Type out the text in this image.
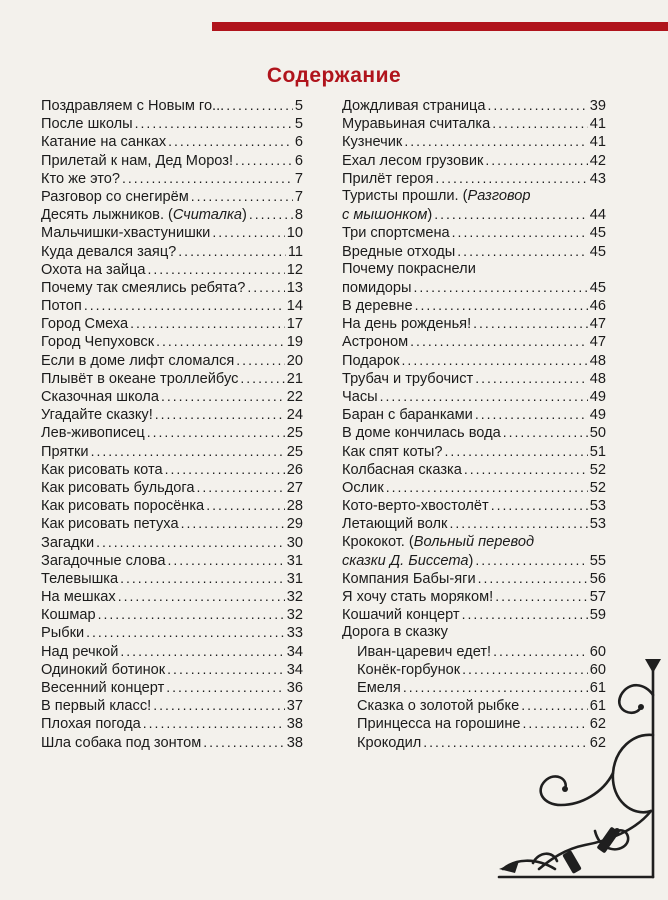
Содержание
Поздравляем с Новым го... .....	5
После школы .....	5
Катание на санках .....	6
Прилетай к нам, Дед Мороз! .....	6
Кто же это? .....	7
Разговор со снегирём .....	7
Десять лыжников. (Считалка) .....	8
Мальчишки-хвастунишки .....	10
Куда девался заяц? .....	11
Охота на зайца .....	12
Почему так смеялись ребята? .....	13
Потоп .....	14
Город Смеха .....	17
Город Чепуховск .....	19
Если в доме лифт сломался .....	20
Плывёт в океане троллейбус .....	21
Сказочная школа .....	22
Угадайте сказку! .....	24
Лев-живописец .....	25
Прятки .....	25
Как рисовать кота .....	26
Как рисовать бульдога .....	27
Как рисовать поросёнка .....	28
Как рисовать петуха .....	29
Загадки .....	30
Загадочные слова .....	31
Телевышка .....	31
На мешках .....	32
Кошмар .....	32
Рыбки .....	33
Над речкой .....	34
Одинокий ботинок .....	34
Весенний концерт .....	36
В первый класс! .....	37
Плохая погода .....	38
Шла собака под зонтом .....	38
Дождливая страница .....	39
Муравьиная считалка .....	41
Кузнечик .....	41
Ехал лесом грузовик .....	42
Прилёт героя .....	43
Туристы прошли. (Разговор
с мышонком) .....	44
Три спортсмена .....	45
Вредные отходы .....	45
Почему покраснели
помидоры .....	45
В деревне .....	46
На день рожденья! .....	47
Астроном .....	47
Подарок .....	48
Трубач и трубочист .....	48
Часы .....	49
Баран с баранками .....	49
В доме кончилась вода .....	50
Как спят коты? .....	51
Колбасная сказка .....	52
Ослик .....	52
Кото-верто-хвостолёт .....	53
Летающий волк .....	53
Крококот. (Вольный перевод
сказки Д. Биссета) .....	55
Компания Бабы-яги .....	56
Я хочу стать моряком! .....	57
Кошачий концерт .....	59
Дорога в сказку
Иван-царевич едет! .....	60
Конёк-горбунок .....	60
Емеля .....	61
Сказка о золотой рыбке .....	61
Принцесса на горошине .....	62
Крокодил .....	62
